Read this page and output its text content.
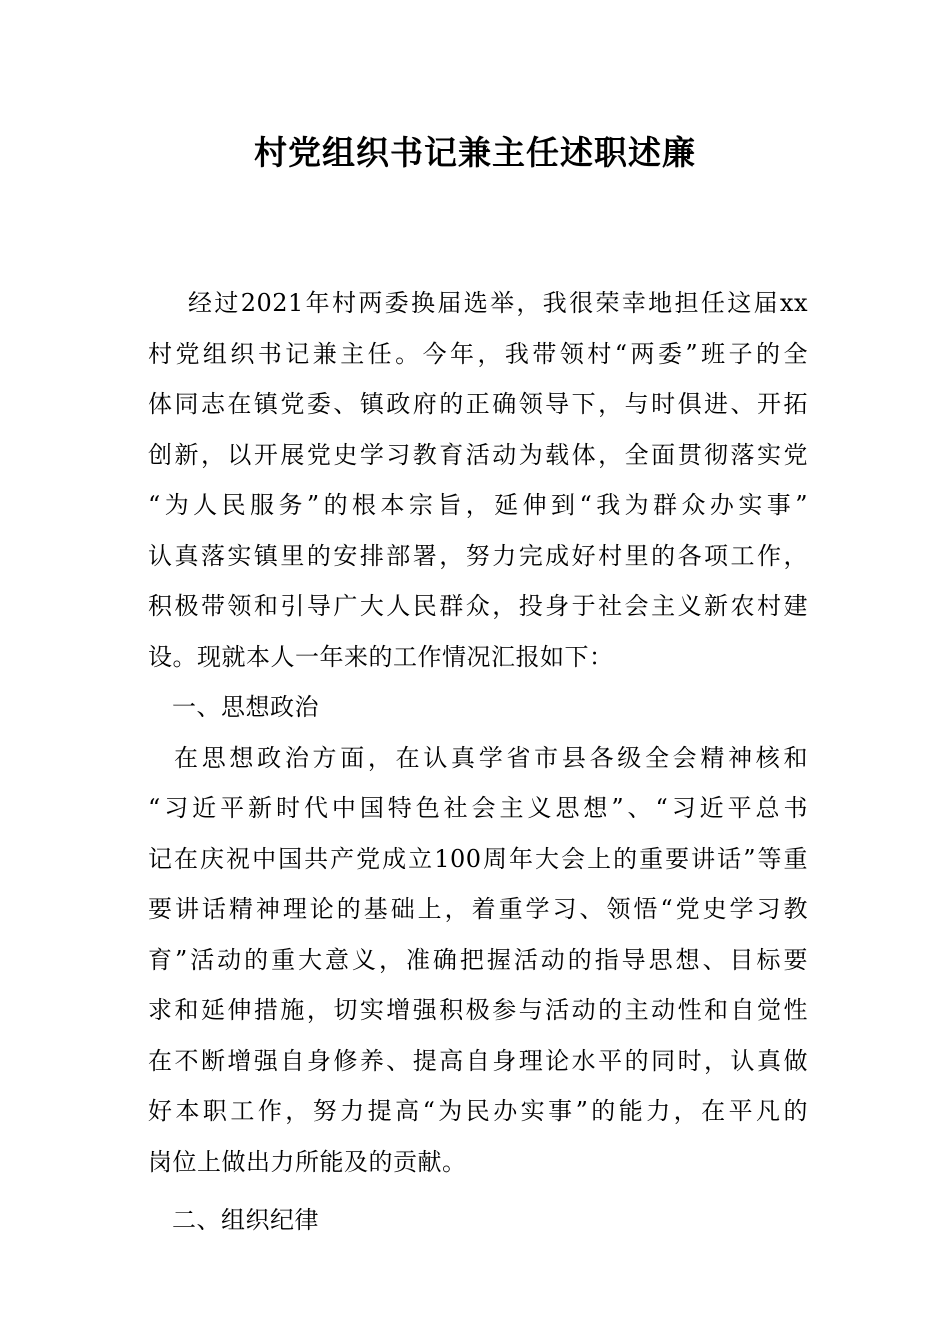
村党组织书记兼主任述职述廉
经过2021年村两委换届选举，我很荣幸地担任这届xx
村党组织书记兼主任。今年，我带领村“两委”班子的全
体同志在镇党委、镇政府的正确领导下，与时俱进、开拓
创新，以开展党史学习教育活动为载体，全面贯彻落实党
“为人民服务”的根本宗旨，延伸到“我为群众办实事”
认真落实镇里的安排部署，努力完成好村里的各项工作，
积极带领和引导广大人民群众，投身于社会主义新农村建
设。现就本人一年来的工作情况汇报如下：
一、思想政治
在思想政治方面，在认真学省市县各级全会精神核和
“习近平新时代中国特色社会主义思想”、“习近平总书
记在庆祝中国共产党成立100周年大会上的重要讲话”等重
要讲话精神理论的基础上，着重学习、领悟“党史学习教
育”活动的重大意义，准确把握活动的指导思想、目标要
求和延伸措施，切实增强积极参与活动的主动性和自觉性
在不断增强自身修养、提高自身理论水平的同时，认真做
好本职工作，努力提高“为民办实事”的能力，在平凡的
岗位上做出力所能及的贡献。
二、组织纪律
